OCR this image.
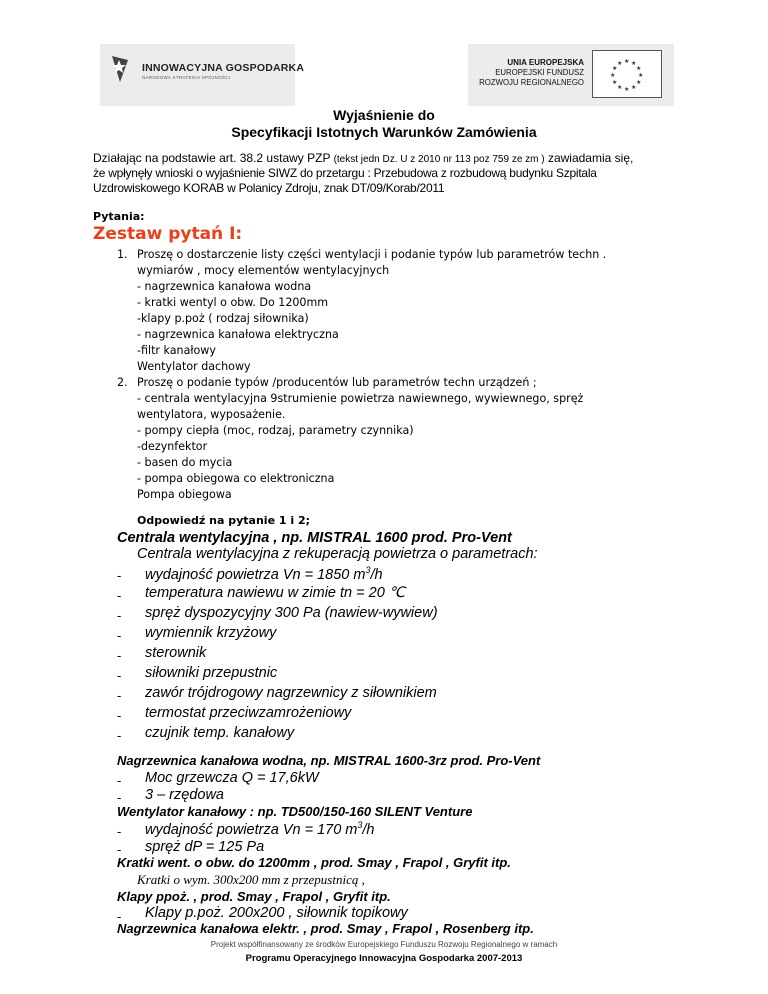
INNOWACYJNA GOSPODARKA
NARODOWA STRATEGIA SPÓJNOŚCI
UNIA EUROPEJSKA
EUROPEJSKI FUNDUSZ
ROZWOJU REGIONALNEGO
★ ★
★
★
★
★
★
★
★
★
★
★
Wyjaśnienie do
Specyfikacji Istotnych Warunków Zamówienia
Działając na podstawie art. 38.2 ustawy PZP (tekst jedn Dz. U z 2010 nr 113 poz 759 ze zm ) zawiadamia się,
że wpłynęły wnioski o wyjaśnienie SIWZ do przetargu : Przebudowa z rozbudową budynku Szpitala
Uzdrowiskowego KORAB w Polanicy Zdroju, znak DT/09/Korab/2011
Pytania:
Zestaw pytań I:
1. Proszę o dostarczenie listy części wentylacji i podanie typów lub parametrów techn .
wymiarów , mocy elementów wentylacyjnych
- nagrzewnica kanałowa wodna
- kratki wentyl o obw. Do 1200mm
-klapy p.poż ( rodzaj siłownika)
- nagrzewnica kanałowa elektryczna
-filtr kanałowy
Wentylator dachowy
2. Proszę o podanie typów /producentów lub parametrów techn urządzeń ;
- centrala wentylacyjna 9strumienie powietrza nawiewnego, wywiewnego, spręż
wentylatora, wyposażenie.
- pompy ciepła (moc, rodzaj, parametry czynnika)
-dezynfektor
- basen do mycia
- pompa obiegowa co elektroniczna
Pompa obiegowa
Odpowiedź na pytanie 1 i 2;
Centrala wentylacyjna , np. MISTRAL 1600 prod. Pro-Vent
Centrala wentylacyjna z rekuperacją powietrza o parametrach:
- wydajność powietrza Vn = 1850 $m^3/h$
- temperatura nawiewu w zimie tn = 20 ℃
- spręż dyspozycyjny 300 Pa (nawiew-wywiew)
- wymiennik krzyżowy
- sterownik
- siłowniki przepustnic
- zawór trójdrogowy nagrzewnicy z siłownikiem
- termostat przeciwzamrożeniowy
- czujnik temp. kanałowy
Nagrzewnica kanałowa wodna, np. MISTRAL 1600-3rz prod. Pro-Vent
- Moc grzewcza Q = 17,6kW
- 3 – rzędowa
Wentylator kanałowy : np. TD500/150-160 SILENT Venture
- wydajność powietrza Vn = 170 $m^3/h$
- spręż dP = 125 Pa
Kratki went. o obw. do 1200mm , prod. Smay , Frapol , Gryfit itp.
Kratki o wym. 300x200 mm z przepustnicą ,
Klapy ppoż. , prod. Smay , Frapol , Gryfit itp.
- Klapy p.poż. 200x200 , siłownik topikowy
Nagrzewnica kanałowa elektr. , prod. Smay , Frapol , Rosenberg itp.
Projekt współfinansowany ze środków Europejskiego Funduszu Rozwoju Regionalnego w ramach
Programu Operacyjnego Innowacyjna Gospodarka 2007-2013
